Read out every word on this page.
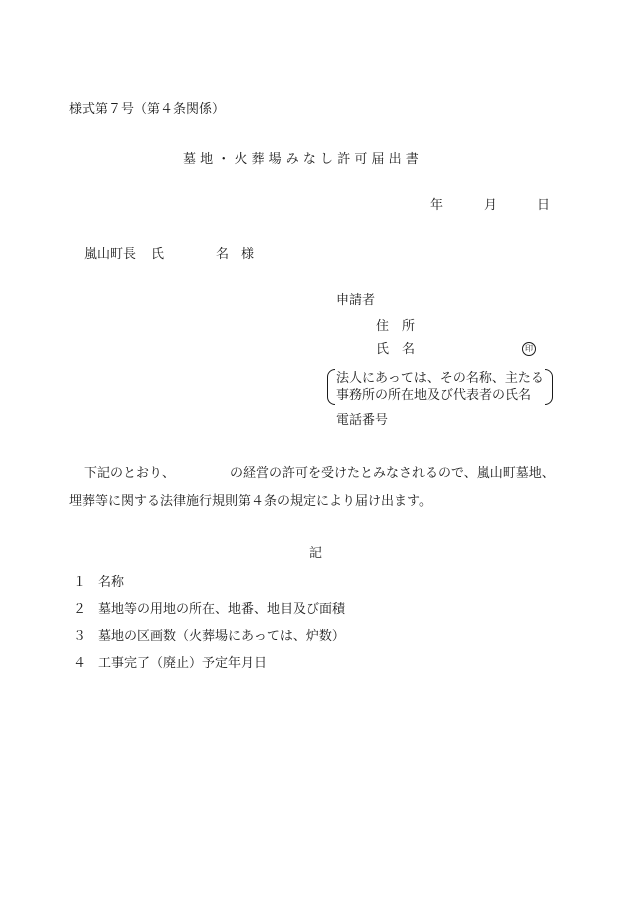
様式第７号（第４条関係）
墓 地 ・ 火 葬 場 み な し 許 可 届 出 書
年	月	日
嵐山町長 氏	名 様
申請者
住　所
氏　名	印
法人にあっては、その名称、主たる
事務所の所在地及び代表者の氏名
電話番号
下記のとおり、	の経営の許可を受けたとみなされるので、嵐山町墓地、
埋葬等に関する法律施行規則第４条の規定により届け出ます。
記
１ 名称
２ 墓地等の用地の所在、地番、地目及び面積
３ 墓地の区画数（火葬場にあっては、炉数）
４ 工事完了（廃止）予定年月日
